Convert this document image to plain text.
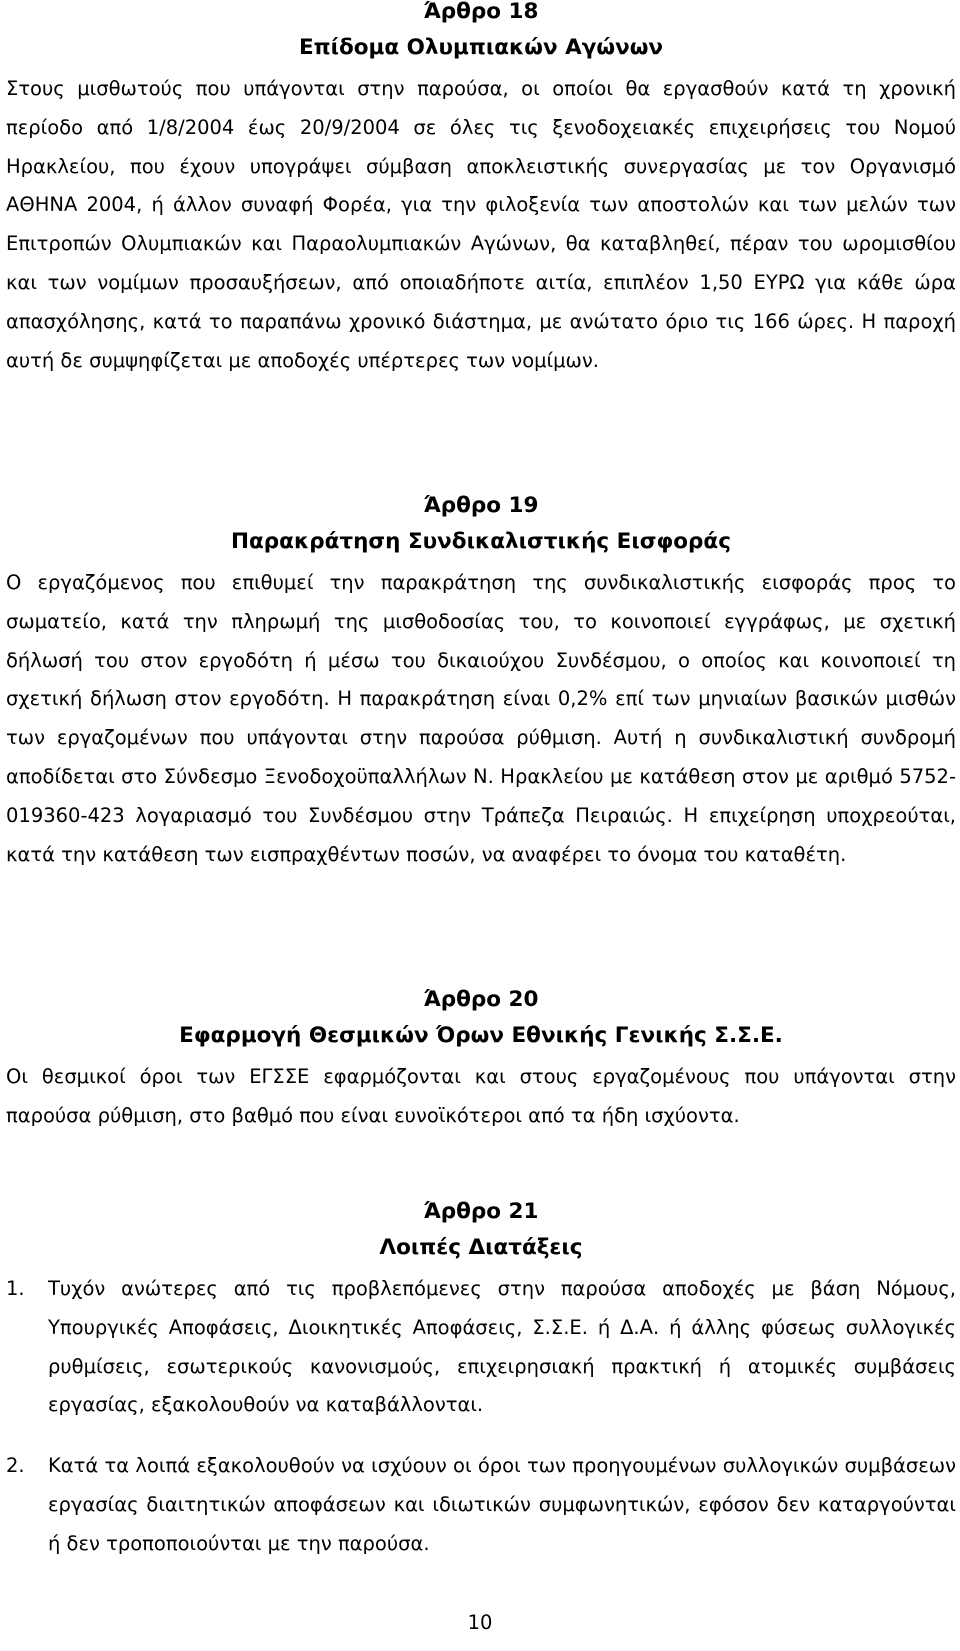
Άρθρο 18
Επίδομα Ολυμπιακών Αγώνων

Στους μισθωτούς που υπάγονται στην παρούσα, οι οποίοι θα εργασθούν κατά τη χρονική περίοδο από 1/8/2004 έως 20/9/2004 σε όλες τις ξενοδοχειακές επιχειρήσεις του Νομού Ηρακλείου, που έχουν υπογράψει σύμβαση αποκλειστικής συνεργασίας με τον Οργανισμό ΑΘΗΝΑ 2004, ή άλλον συναφή Φορέα, για την φιλοξενία των αποστολών και των μελών των Επιτροπών Ολυμπιακών και Παραολυμπιακών Αγώνων, θα καταβληθεί, πέραν του ωρομισθίου και των νομίμων προσαυξήσεων, από οποιαδήποτε αιτία, επιπλέον 1,50 ΕΥΡΩ για κάθε ώρα απασχόλησης, κατά το παραπάνω χρονικό διάστημα, με ανώτατο όριο τις 166 ώρες. Η παροχή αυτή δε συμψηφίζεται με αποδοχές υπέρτερες των νομίμων.

Άρθρο 19
Παρακράτηση Συνδικαλιστικής Εισφοράς

Ο εργαζόμενος που επιθυμεί την παρακράτηση της συνδικαλιστικής εισφοράς προς το σωματείο, κατά την πληρωμή της μισθοδοσίας του, το κοινοποιεί εγγράφως, με σχετική δήλωσή του στον εργοδότη ή μέσω του δικαιούχου Συνδέσμου, ο οποίος και κοινοποιεί τη σχετική δήλωση στον εργοδότη. Η παρακράτηση είναι 0,2% επί των μηνιαίων βασικών μισθών των εργαζομένων που υπάγονται στην παρούσα ρύθμιση. Αυτή η συνδικαλιστική συνδρομή αποδίδεται στο Σύνδεσμο Ξενοδοχοϋπαλλήλων Ν. Ηρακλείου με κατάθεση στον με αριθμό 5752-019360-423 λογαριασμό του Συνδέσμου στην Τράπεζα Πειραιώς. Η επιχείρηση υποχρεούται, κατά την κατάθεση των εισπραχθέντων ποσών, να αναφέρει το όνομα του καταθέτη.

Άρθρο 20
Εφαρμογή Θεσμικών Όρων Εθνικής Γενικής Σ.Σ.Ε.

Οι θεσμικοί όροι των ΕΓΣΣΕ εφαρμόζονται και στους εργαζομένους που υπάγονται στην παρούσα ρύθμιση, στο βαθμό που είναι ευνοϊκότεροι από τα ήδη ισχύοντα.

Άρθρο 21
Λοιπές Διατάξεις
1.	Τυχόν ανώτερες από τις προβλεπόμενες στην παρούσα αποδοχές με βάση Νόμους, Υπουργικές Αποφάσεις, Διοικητικές Αποφάσεις, Σ.Σ.Ε. ή Δ.Α. ή άλλης φύσεως συλλογικές ρυθμίσεις, εσωτερικούς κανονισμούς, επιχειρησιακή πρακτική ή ατομικές συμβάσεις εργασίας, εξακολουθούν να καταβάλλονται.
2.	Κατά τα λοιπά εξακολουθούν να ισχύουν οι όροι των προηγουμένων συλλογικών συμβάσεων εργασίας διαιτητικών αποφάσεων και ιδιωτικών συμφωνητικών, εφόσον δεν καταργούνται ή δεν τροποποιούνται με την παρούσα.
10
